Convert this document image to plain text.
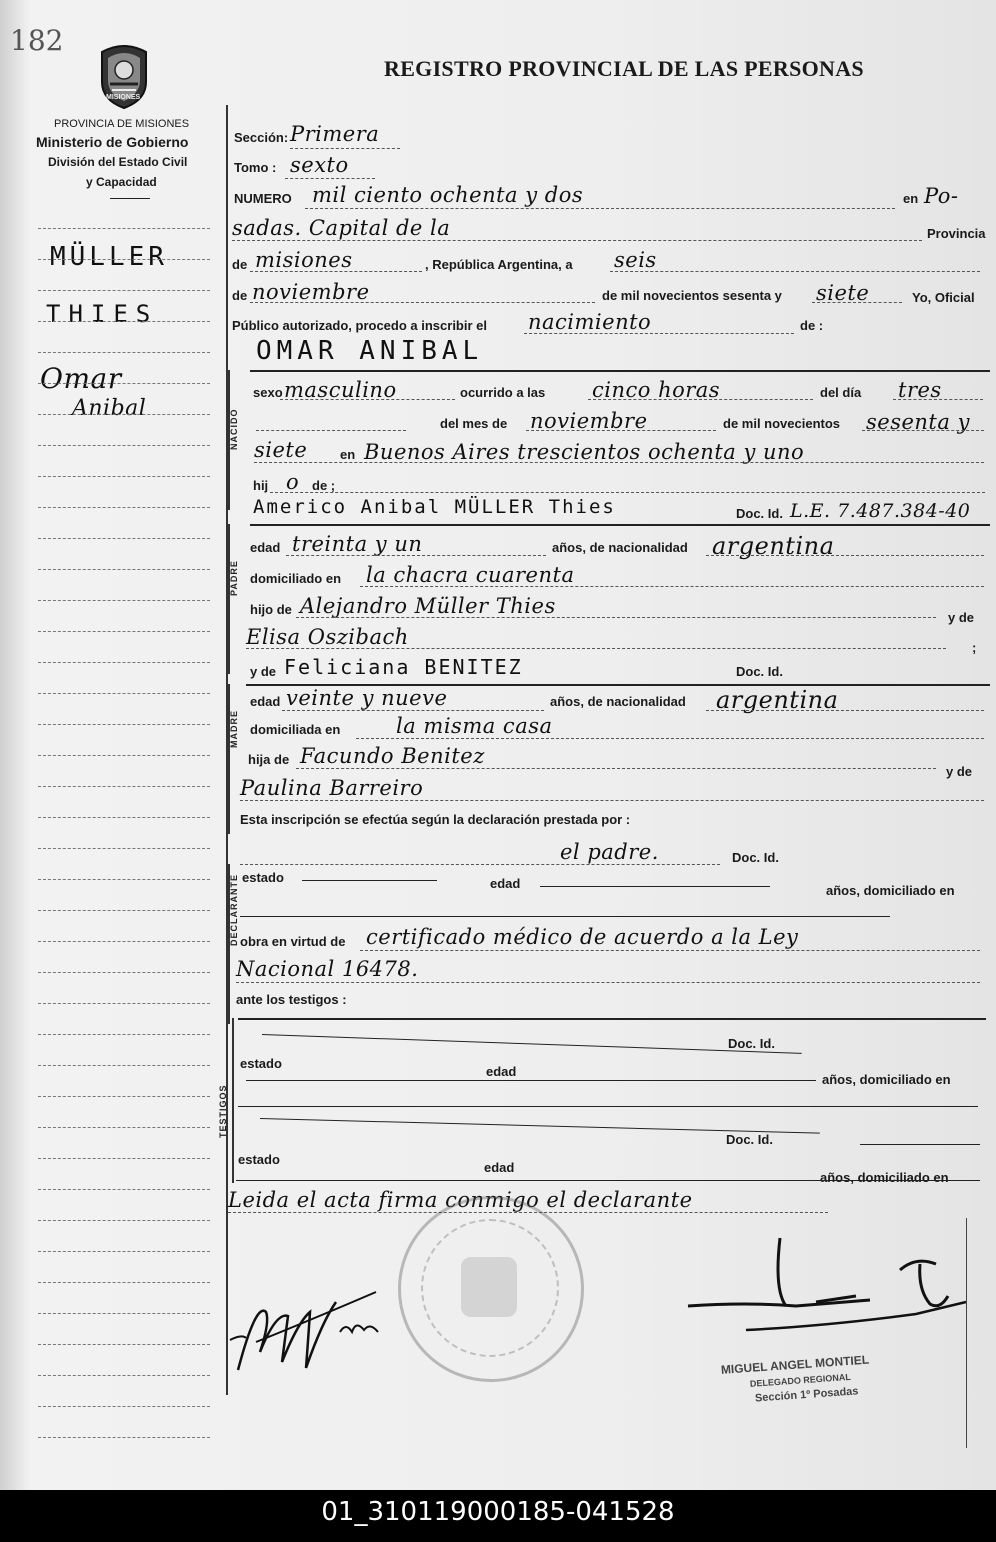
182
MISIONES
REGISTRO PROVINCIAL DE LAS PERSONAS
PROVINCIA DE MISIONES
Ministerio de Gobierno
División del Estado Civil
y Capacidad
MÜLLER
THIES
Omar
Anibal
Sección: Primera
Tomo : sexto
NUMERO mil ciento ochenta y dos	en Po-
sadas. Capital de la	Provincia
de misiones	, República Argentina, a seis
de noviembre	de mil novecientos sesenta y siete	Yo, Oficial
Público autorizado, procedo a inscribir el nacimiento	de :
OMAR ANIBAL
NACIDO
sexo masculino	ocurrido a las cinco horas	del día tres
del mes de noviembre	de mil novecientos sesenta y
siete	en Buenos Aires trescientos ochenta y uno
hij o de ;
Americo Anibal MÜLLER Thies	Doc. Id. L.E. 7.487.384-40
PADRE
edad treinta y un	años, de nacionalidad argentina
domiciliado en la chacra cuarenta
hijo de Alejandro Müller Thies	y de
Elisa Oszibach	;
y de Feliciana BENITEZ	Doc. Id.
MADRE
edad veinte y nueve	años, de nacionalidad argentina
domiciliada en	la misma casa
hija de Facundo Benitez
y de
Paulina Barreiro
Esta inscripción se efectúa según la declaración prestada por :
el padre.	Doc. Id.
DECLARANTE estado	edad	años, domiciliado en
obra en virtud de certificado médico de acuerdo a la Ley
Nacional 16478.
ante los testigos :
TESTIGOS
Doc. Id.
estado
edad
años, domiciliado en
Doc. Id.
estado
edad
años, domiciliado en
Leida el acta firma conmigo el declarante
MIGUEL ANGEL MONTIEL
DELEGADO REGIONAL
Sección 1º Posadas
01_310119000185-041528
